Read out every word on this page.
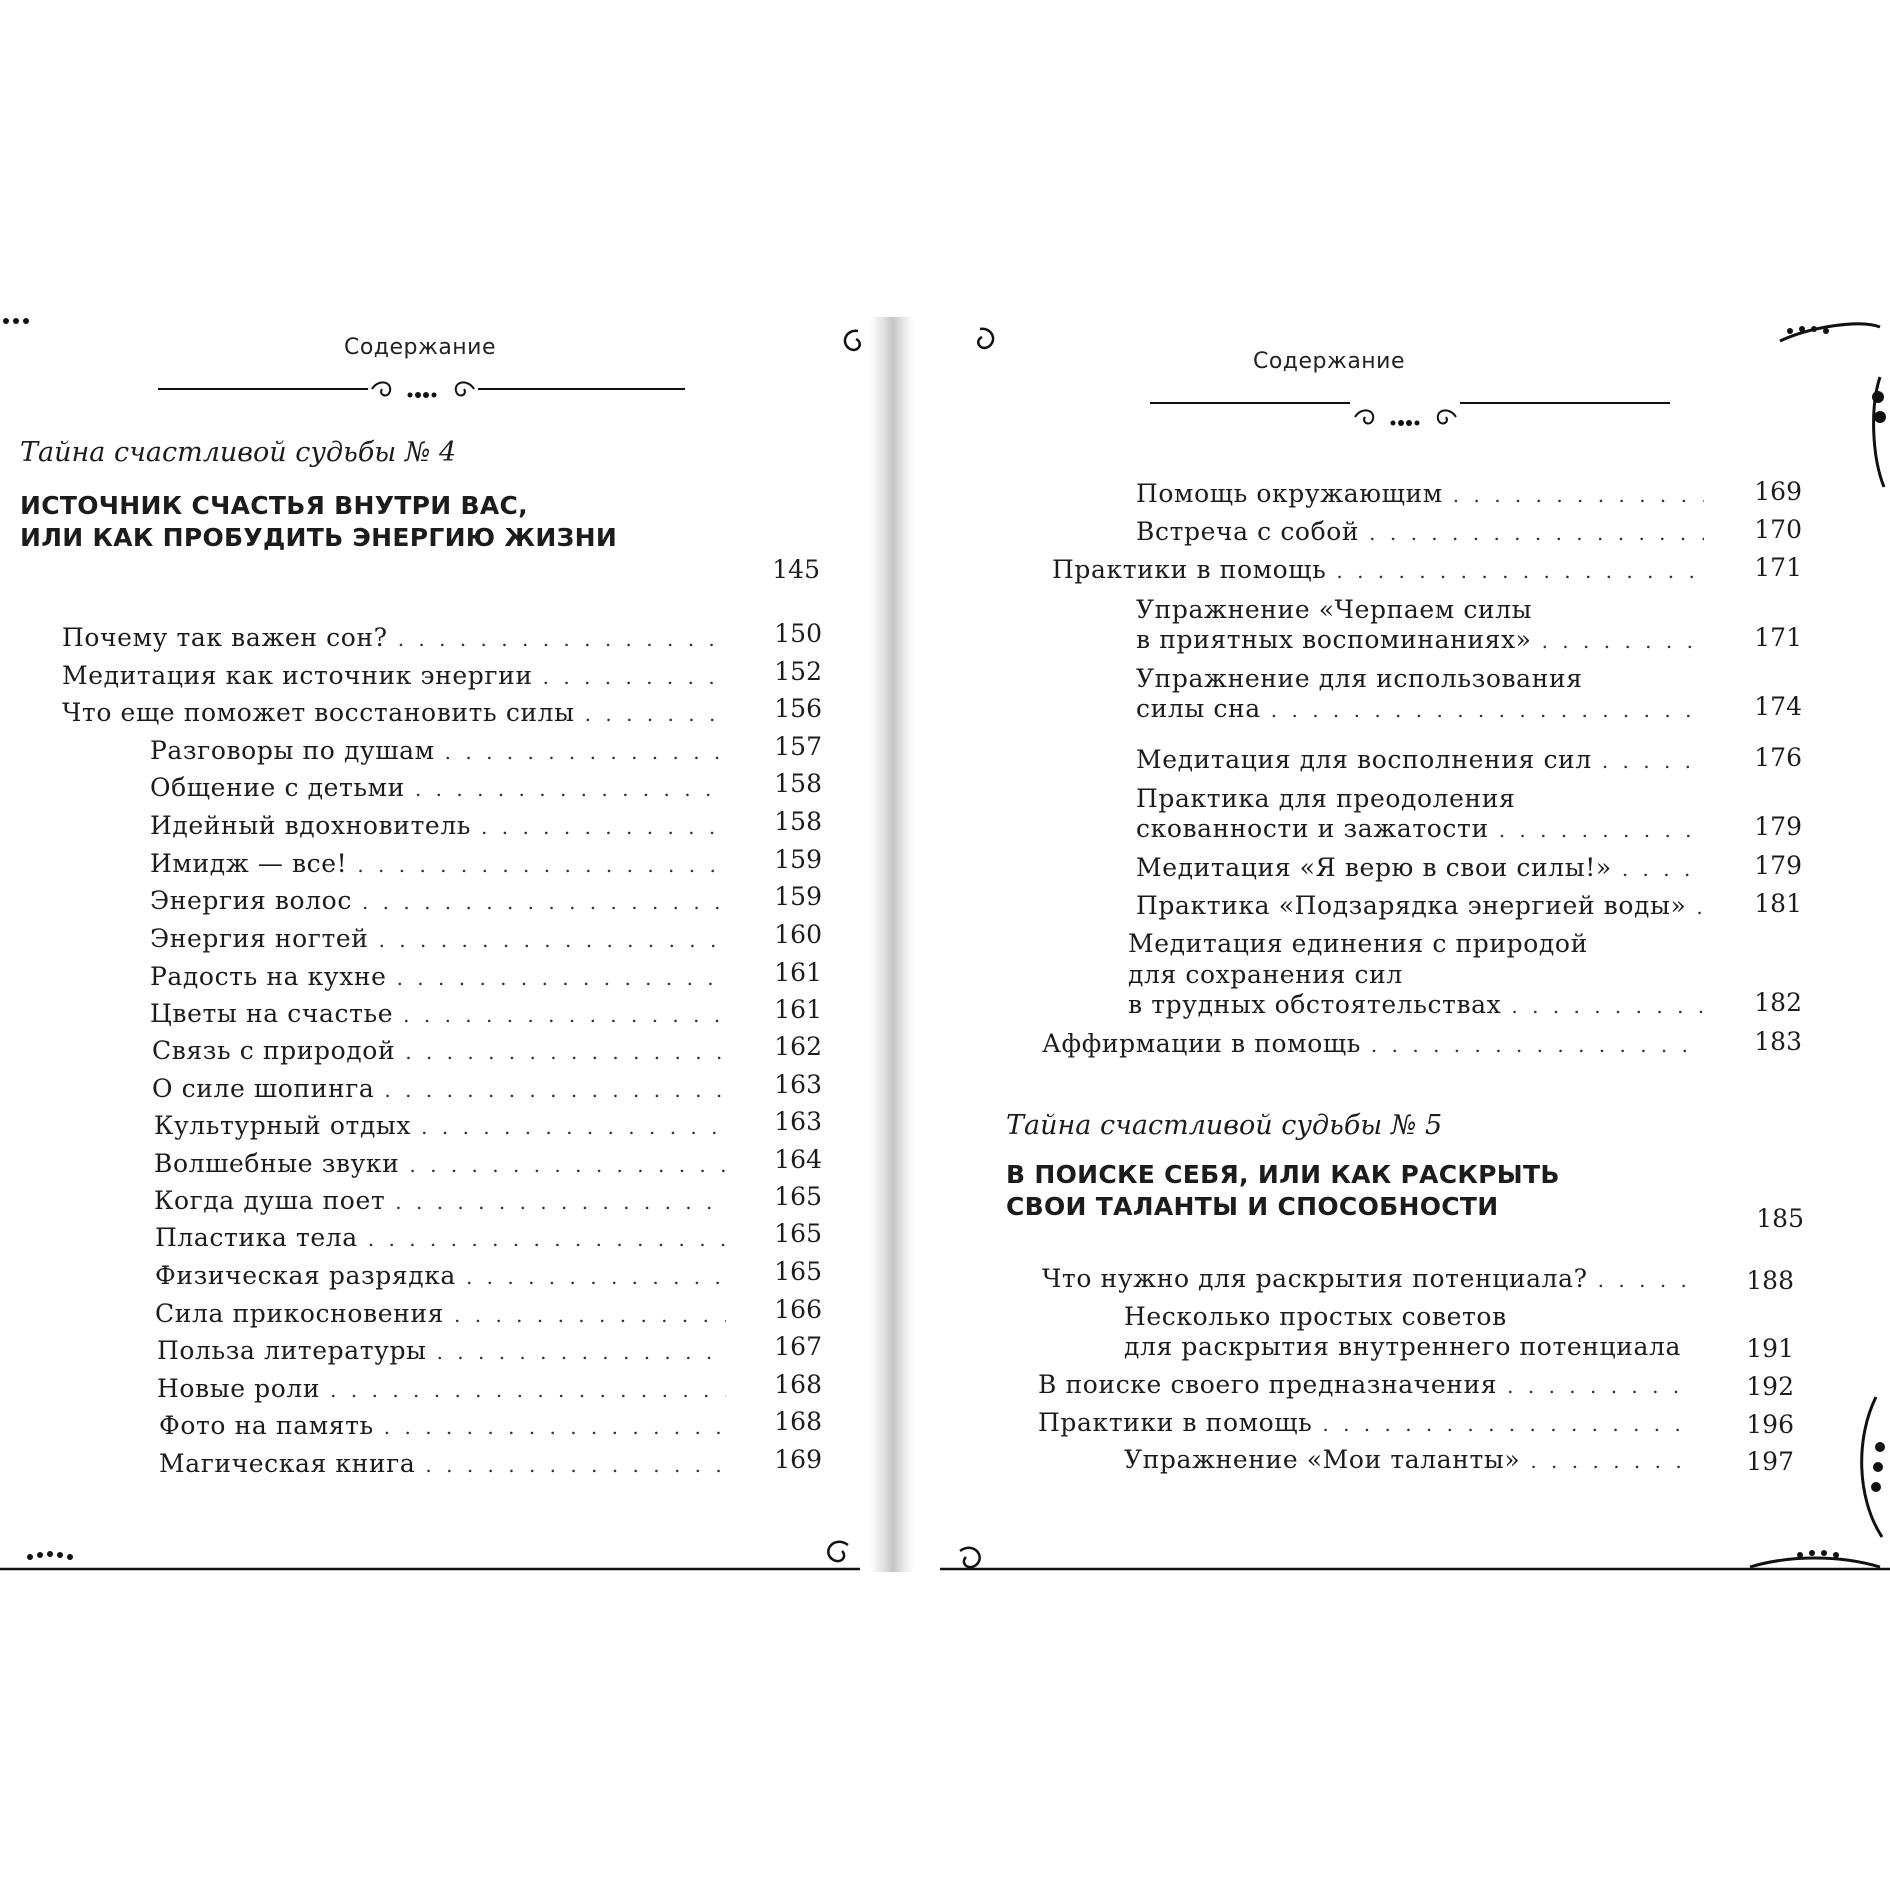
Содержание
Тайна счастливой судьбы № 4
ИСТОЧНИК СЧАСТЬЯ ВНУТРИ ВАС,
ИЛИ КАК ПРОБУДИТЬ ЭНЕРГИЮ ЖИЗНИ
145
Почему так важен сон? . . .	150
Медитация как источник энергии . . .	152
Что еще поможет восстановить силы . . .	156
Разговоры по душам . . .	157
Общение с детьми . . .	158
Идейный вдохновитель . . .	158
Имидж — все! . . .	159
Энергия волос . . .	159
Энергия ногтей . . .	160
Радость на кухне . . .	161
Цветы на счастье . . .	161
Связь с природой . . .	162
О силе шопинга . . .	163
Культурный отдых . . .	163
Волшебные звуки . . .	164
Когда душа поет . . .	165
Пластика тела . . .	165
Физическая разрядка . . .	165
Сила прикосновения . . .	166
Польза литературы . . .	167
Новые роли . . .	168
Фото на память . . .	168
Магическая книга . . .	169
Содержание
Помощь окружающим . . .	169
Встреча с собой . . .	170
Практики в помощь . . .	171
Упражнение «Черпаем силы
в приятных воспоминаниях» . . .	171
Упражнение для использования
силы сна . . .	174
Медитация для восполнения сил . . .	176
Практика для преодоления
скованности и зажатости . . .	179
Медитация «Я верю в свои силы!» . . .	179
Практика «Подзарядка энергией воды» . . .	181
Медитация единения с природой
для сохранения сил
в трудных обстоятельствах . . .	182
Аффирмации в помощь . . .	183
Тайна счастливой судьбы № 5
В ПОИСКЕ СЕБЯ, ИЛИ КАК РАСКРЫТЬ
СВОИ ТАЛАНТЫ И СПОСОБНОСТИ	185
Что нужно для раскрытия потенциала? . . .	188
Несколько простых советов
для раскрытия внутреннего потенциала	191
В поиске своего предназначения . . .	192
Практики в помощь . . .	196
Упражнение «Мои таланты» . . .	197
